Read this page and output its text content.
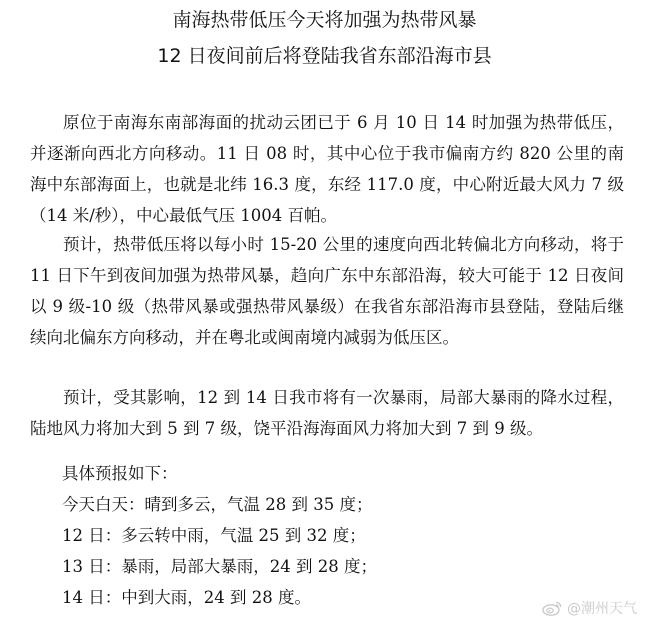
南海热带低压今天将加强为热带风暴
12 日夜间前后将登陆我省东部沿海市县

原位于南海东南部海面的扰动云团已于 6 月 10 日 14 时加强为热带低压，并逐渐向西北方向移动。11 日 08 时，其中心位于我市偏南方约 820 公里的南海中东部海面上，也就是北纬 16.3 度，东经 117.0 度，中心附近最大风力 7 级（14 米/秒），中心最低气压 1004 百帕。

预计，热带低压将以每小时 15-20 公里的速度向西北转偏北方向移动，将于 11 日下午到夜间加强为热带风暴，趋向广东中东部沿海，较大可能于 12 日夜间以 9 级-10 级（热带风暴或强热带风暴级）在我省东部沿海市县登陆，登陆后继续向北偏东方向移动，并在粤北或闽南境内减弱为低压区。

预计，受其影响，12 到 14 日我市将有一次暴雨，局部大暴雨的降水过程，陆地风力将加大到 5 到 7 级，饶平沿海海面风力将加大到 7 到 9 级。

具体预报如下：
今天白天：晴到多云，气温 28 到 35 度；
12 日：多云转中雨，气温 25 到 32 度；
13 日：暴雨，局部大暴雨，24 到 28 度；
14 日：中到大雨，24 到 28 度。
@潮州天气
